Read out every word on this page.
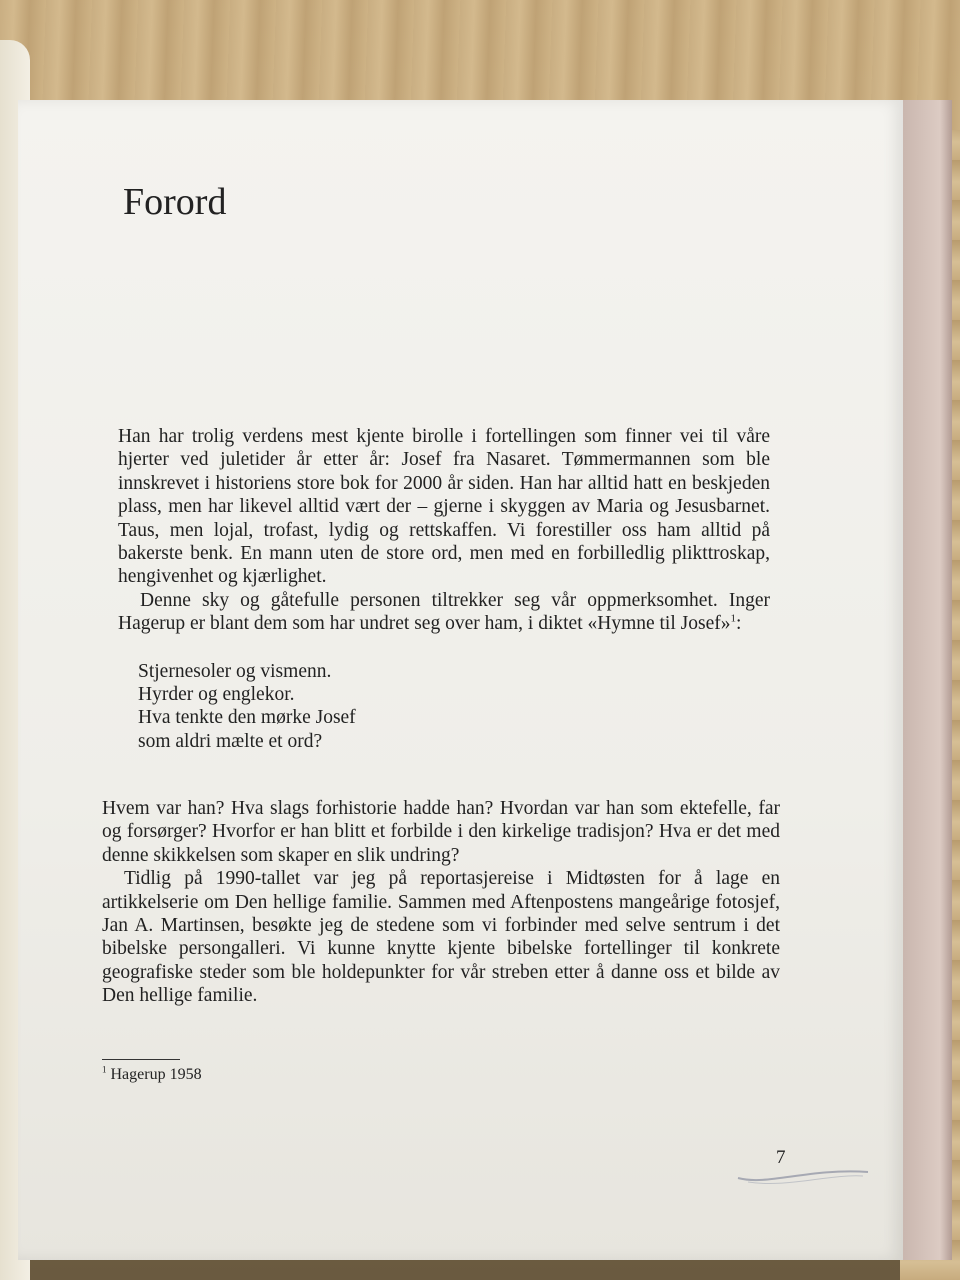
Forord

Han har trolig verdens mest kjente birolle i fortellingen som finner vei til våre hjerter ved juletider år etter år: Josef fra Nasaret. Tømmermannen som ble innskrevet i historiens store bok for 2000 år siden. Han har alltid hatt en beskjeden plass, men har likevel alltid vært der – gjerne i skyggen av Maria og Jesusbarnet. Taus, men lojal, trofast, lydig og rettskaffen. Vi forestiller oss ham alltid på bakerste benk. En mann uten de store ord, men med en forbilledlig plikttroskap, hengivenhet og kjærlighet.

Denne sky og gåtefulle personen tiltrekker seg vår oppmerksomhet. Inger Hagerup er blant dem som har undret seg over ham, i diktet «Hymne til Josef»$^1$:

Stjernesoler og vismenn.
Hyrder og englekor.
Hva tenkte den mørke Josef
som aldri mælte et ord?

Hvem var han? Hva slags forhistorie hadde han? Hvordan var han som ektefelle, far og forsørger? Hvorfor er han blitt et forbilde i den kirkelige tradisjon? Hva er det med denne skikkelsen som skaper en slik undring?

Tidlig på 1990-tallet var jeg på reportasjereise i Midtøsten for å lage en artikkelserie om Den hellige familie. Sammen med Aftenpostens mangeårige fotosjef, Jan A. Martinsen, besøkte jeg de stedene som vi forbinder med selve sentrum i det bibelske persongalleri. Vi kunne knytte kjente bibelske fortellinger til konkrete geografiske steder som ble holdepunkter for vår streben etter å danne oss et bilde av Den hellige familie.

$^1$ Hagerup 1958
7
